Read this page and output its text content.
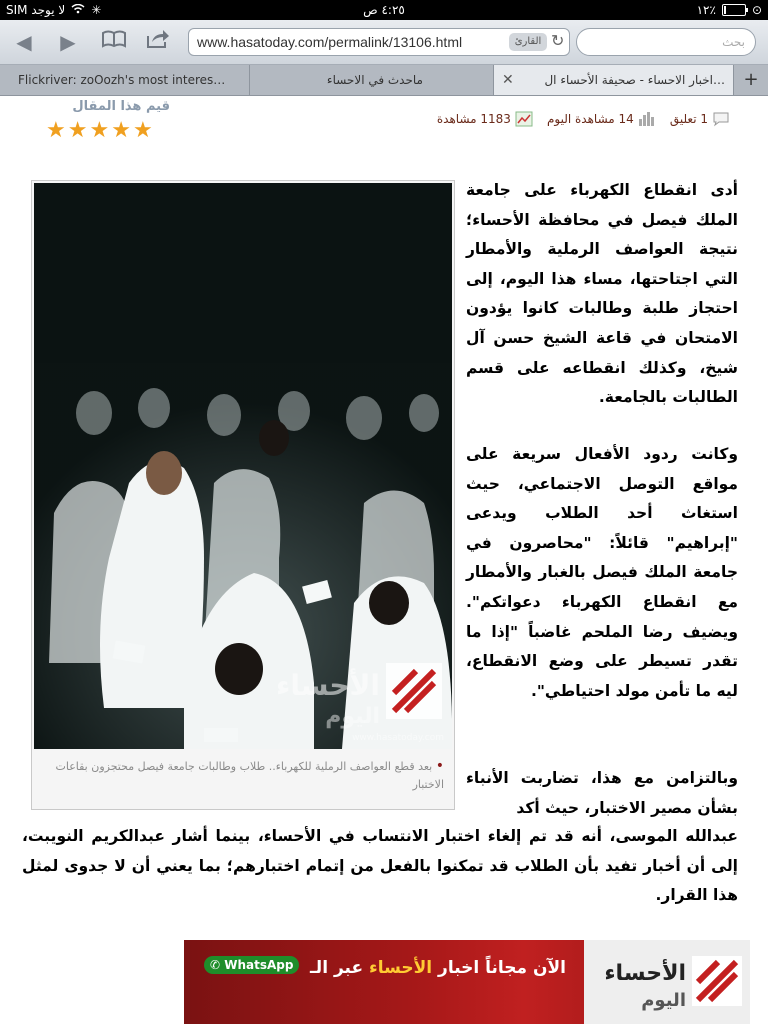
SIM لا يوجد ✳	٤:٢٥ ص	١٢٪	⊙
◀	▶	www.hasatoday.com/permalink/13106.html	القارئ ↻	بحث
Flickriver: zoOozh's most interes…	ماحدث في الاحساء	✕	اخبار الاحساء - صحيفة الأحساء ال…	+
قيم هذا المقال
★ ★ ★ ★ ★	1 تعليق
14 مشاهدة اليوم
1183 مشاهدة
الأحساء
اليوم
www.hasatoday.com
• بعد قطع العواصف الرملية للكهرباء.. طلاب وطالبات جامعة فيصل محتجزون بقاعات الاختبار
أدى انقطاع الكهرباء على جامعة الملك فيصل في محافظة الأحساء؛ نتيجة العواصف الرملية والأمطار التي اجتاحتها، مساء هذا اليوم، إلى احتجاز طلبة وطالبات كانوا يؤدون الامتحان في قاعة الشيخ حسن آل شيخ، وكذلك انقطاعه على قسم الطالبات بالجامعة.
وكانت ردود الأفعال سريعة على مواقع التوصل الاجتماعي، حيث استغاث أحد الطلاب ويدعى "إبراهيم" قائلاً: "محاصرون في جامعة الملك فيصل بالغبار والأمطار مع انقطاع الكهرباء دعواتكم". ويضيف رضا الملحم غاضباً "إذا ما تقدر تسيطر على وضع الانقطاع، ليه ما تأمن مولد احتياطي".
وبالتزامن مع هذا، تضاربت الأنباء بشأن مصير الاختبار، حيث أكد
عبدالله الموسى، أنه قد تم إلغاء اختبار الانتساب في الأحساء، بينما أشار عبدالكريم النويبت، إلى أن أخبار تفيد بأن الطلاب قد تمكنوا بالفعل من إتمام اختبارهم؛ بما يعني أن لا جدوى لمثل هذا القرار.
الأحساء
اليوم
✆ WhatsApp	الآن مجاناً اخبار الأحساء عبر الـ
